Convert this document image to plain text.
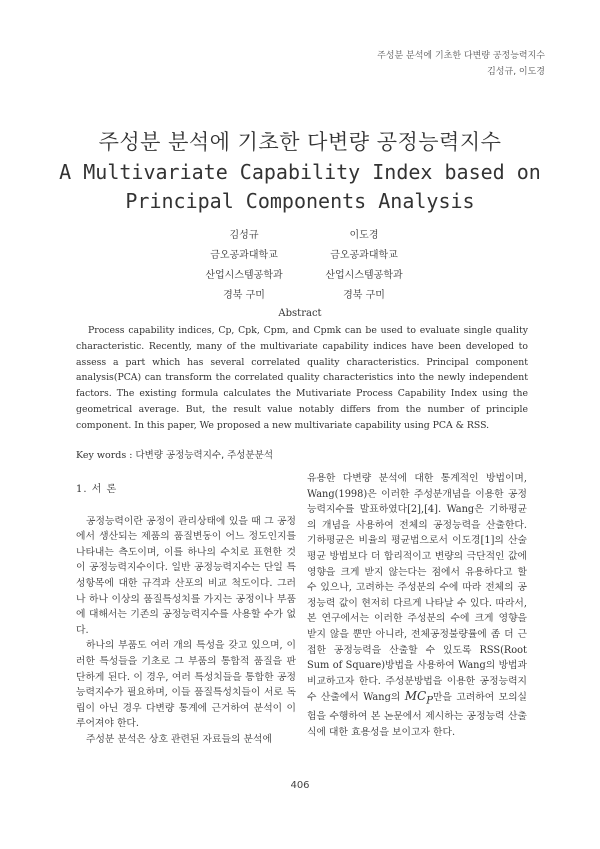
주성분 분석에 기초한 다변량 공정능력지수
김성규, 이도경
주성분 분석에 기초한 다변량 공정능력지수
A Multivariate Capability Index based on
Principal Components Analysis
김성규
금오공과대학교
산업시스템공학과
경북 구미
이도경
금오공과대학교
산업시스템공학과
경북 구미
Abstract
Process capability indices, Cp, Cpk, Cpm, and Cpmk can be used to evaluate single quality characteristic. Recently, many of the multivariate capability indices have been developed to assess a part which has several correlated quality characteristics. Principal component analysis(PCA) can transform the correlated quality characteristics into the newly independent factors. The existing formula calculates the Mutivariate Process Capability Index using the geometrical average. But, the result value notably differs from the number of principle component. In this paper, We proposed a new multivariate capability using PCA & RSS.
Key words : 다변량 공정능력지수, 주성분분석
1. 서 론

공정능력이란 공정이 관리상태에 있을 때 그 공정에서 생산되는 제품의 품질변동이 어느 정도인지를 나타내는 측도이며, 이를 하나의 수치로 표현한 것이 공정능력지수이다. 일반 공정능력지수는 단일 특성항목에 대한 규격과 산포의 비교 척도이다. 그러나 하나 이상의 품질특성치를 가지는 공정이나 부품에 대해서는 기존의 공정능력지수를 사용할 수가 없다.

하나의 부품도 여러 개의 특성을 갖고 있으며, 이러한 특성들을 기초로 그 부품의 통합적 품질을 판단하게 된다. 이 경우, 여러 특성치들을 통합한 공정능력지수가 필요하며, 이들 품질특성치들이 서로 독립이 아닌 경우 다변량 통계에 근거하여 분석이 이루어져야 한다.

주성분 분석은 상호 관련된 자료들의 분석에

유용한 다변량 분석에 대한 통계적인 방법이며, Wang(1998)은 이러한 주성분개념을 이용한 공정능력지수를 발표하였다[2],[4]. Wang은 기하평균의 개념을 사용하여 전체의 공정능력을 산출한다. 기하평균은 비율의 평균법으로서 이도경[1]의 산술평균 방법보다 더 합리적이고 변량의 극단적인 값에 영향을 크게 받지 않는다는 점에서 유용하다고 할 수 있으나, 고려하는 주성분의 수에 따라 전체의 공정능력 값이 현저히 다르게 나타날 수 있다. 따라서, 본 연구에서는 이러한 주성분의 수에 크게 영향을 받지 않을 뿐만 아니라, 전체공정불량률에 좀 더 근접한 공정능력을 산출할 수 있도록 RSS(Root Sum of Square)방법을 사용하여 Wang의 방법과 비교하고자 한다. 주성분방법을 이용한 공정능력지수 산출에서 Wang의 $MC_P$만을 고려하여 모의실험을 수행하여 본 논문에서 제시하는 공정능력 산출식에 대한 효용성을 보이고자 한다.

406
